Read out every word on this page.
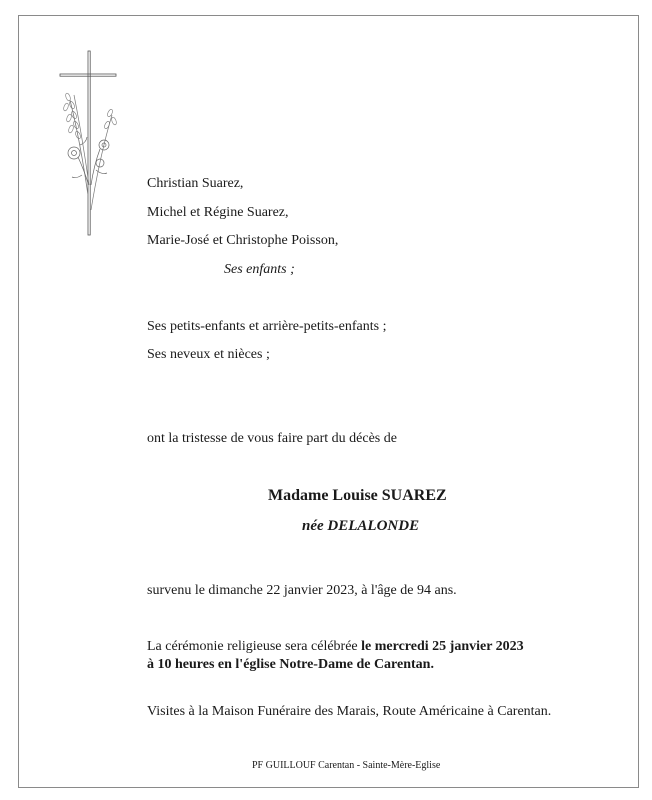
Christian Suarez,
Michel et Régine Suarez,
Marie-José et Christophe Poisson,
Ses enfants ;
Ses petits-enfants et arrière-petits-enfants ;
Ses neveux et nièces ;
ont la tristesse de vous faire part du décès de
Madame Louise SUAREZ
née DELALONDE
survenu le dimanche 22 janvier 2023, à l'âge de 94 ans.
La cérémonie religieuse sera célébrée le mercredi 25 janvier 2023
à 10 heures en l'église Notre-Dame de Carentan.
Visites à la Maison Funéraire des Marais, Route Américaine à Carentan.
PF GUILLOUF Carentan - Sainte-Mère-Eglise
